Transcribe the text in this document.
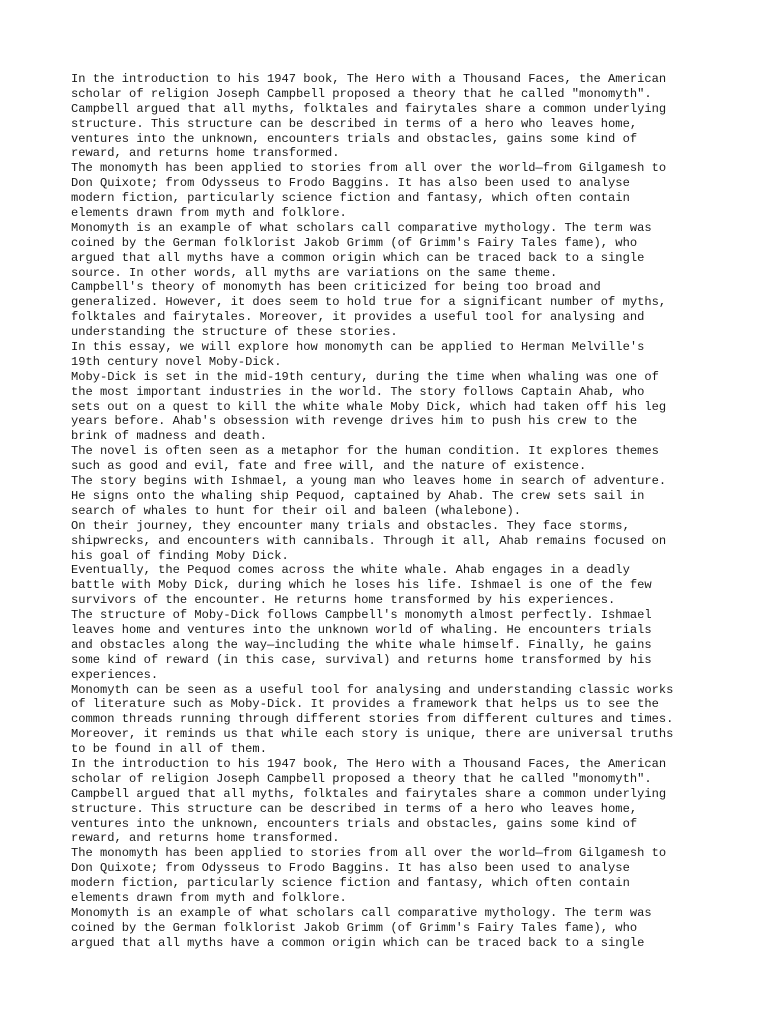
In the introduction to his 1947 book, The Hero with a Thousand Faces, the American
scholar of religion Joseph Campbell proposed a theory that he called "monomyth".
Campbell argued that all myths, folktales and fairytales share a common underlying
structure. This structure can be described in terms of a hero who leaves home,
ventures into the unknown, encounters trials and obstacles, gains some kind of
reward, and returns home transformed.
The monomyth has been applied to stories from all over the world—from Gilgamesh to
Don Quixote; from Odysseus to Frodo Baggins. It has also been used to analyse
modern fiction, particularly science fiction and fantasy, which often contain
elements drawn from myth and folklore.
Monomyth is an example of what scholars call comparative mythology. The term was
coined by the German folklorist Jakob Grimm (of Grimm's Fairy Tales fame), who
argued that all myths have a common origin which can be traced back to a single
source. In other words, all myths are variations on the same theme.
Campbell's theory of monomyth has been criticized for being too broad and
generalized. However, it does seem to hold true for a significant number of myths,
folktales and fairytales. Moreover, it provides a useful tool for analysing and
understanding the structure of these stories.
In this essay, we will explore how monomyth can be applied to Herman Melville's
19th century novel Moby-Dick.
Moby-Dick is set in the mid-19th century, during the time when whaling was one of
the most important industries in the world. The story follows Captain Ahab, who
sets out on a quest to kill the white whale Moby Dick, which had taken off his leg
years before. Ahab's obsession with revenge drives him to push his crew to the
brink of madness and death.
The novel is often seen as a metaphor for the human condition. It explores themes
such as good and evil, fate and free will, and the nature of existence.
The story begins with Ishmael, a young man who leaves home in search of adventure.
He signs onto the whaling ship Pequod, captained by Ahab. The crew sets sail in
search of whales to hunt for their oil and baleen (whalebone).
On their journey, they encounter many trials and obstacles. They face storms,
shipwrecks, and encounters with cannibals. Through it all, Ahab remains focused on
his goal of finding Moby Dick.
Eventually, the Pequod comes across the white whale. Ahab engages in a deadly
battle with Moby Dick, during which he loses his life. Ishmael is one of the few
survivors of the encounter. He returns home transformed by his experiences.
The structure of Moby-Dick follows Campbell's monomyth almost perfectly. Ishmael
leaves home and ventures into the unknown world of whaling. He encounters trials
and obstacles along the way—including the white whale himself. Finally, he gains
some kind of reward (in this case, survival) and returns home transformed by his
experiences.
Monomyth can be seen as a useful tool for analysing and understanding classic works
of literature such as Moby-Dick. It provides a framework that helps us to see the
common threads running through different stories from different cultures and times.
Moreover, it reminds us that while each story is unique, there are universal truths
to be found in all of them.
In the introduction to his 1947 book, The Hero with a Thousand Faces, the American
scholar of religion Joseph Campbell proposed a theory that he called "monomyth".
Campbell argued that all myths, folktales and fairytales share a common underlying
structure. This structure can be described in terms of a hero who leaves home,
ventures into the unknown, encounters trials and obstacles, gains some kind of
reward, and returns home transformed.
The monomyth has been applied to stories from all over the world—from Gilgamesh to
Don Quixote; from Odysseus to Frodo Baggins. It has also been used to analyse
modern fiction, particularly science fiction and fantasy, which often contain
elements drawn from myth and folklore.
Monomyth is an example of what scholars call comparative mythology. The term was
coined by the German folklorist Jakob Grimm (of Grimm's Fairy Tales fame), who
argued that all myths have a common origin which can be traced back to a single
